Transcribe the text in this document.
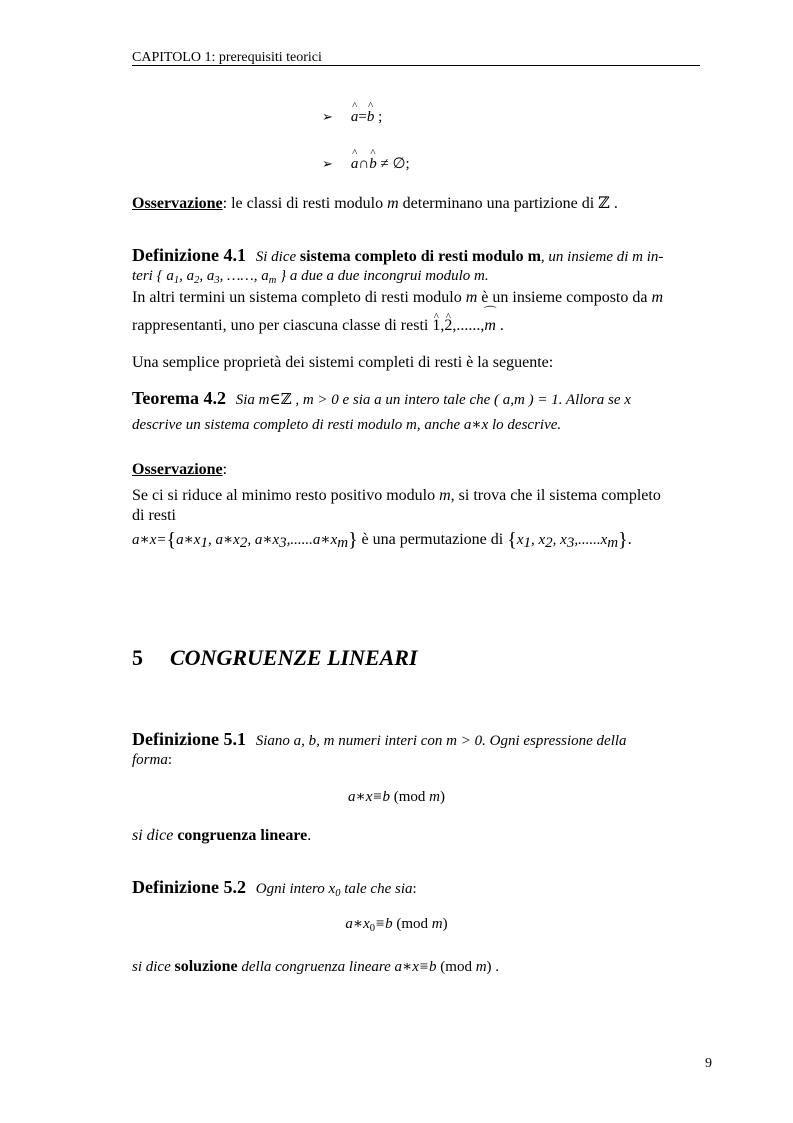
CAPITOLO 1: prerequisiti teorici
➢ ^ a=^ b ;
➢ ^ a∩^ b ≠ ∅;
Osservazione: le classi di resti modulo m determinano una partizione di ℤ .
Definizione 4.1 Si dice sistema completo di resti modulo m, un insieme di m in-
teri { $a_1$, $a_2$, $a_3$, ……, $a_m$ } a due a due incongrui modulo m.
In altri termini un sistema completo di resti modulo m è un insieme composto da m
rappresentanti, uno per ciascuna classe di resti ^ 1,^ 2,......,⌒ m .
Una semplice proprietà dei sistemi completi di resti è la seguente:
Teorema 4.2 Sia m∈ℤ , m > 0 e sia a un intero tale che ( a,m ) = 1. Allora se x
descrive un sistema completo di resti modulo m, anche a∗x lo descrive.
Osservazione:
Se ci si riduce al minimo resto positivo modulo m, si trova che il sistema completo
di resti
$a∗x=\{a∗x_1$, $a∗x_2$, $a∗x_3,......a∗x_m$} è una permutazione di {$x_1$, $x_2$, $x_3,......x_m$}.
5 CONGRUENZE LINEARI
Definizione 5.1 Siano a, b, m numeri interi con m > 0. Ogni espressione della
forma:
a∗x≡b (mod m)
si dice congruenza lineare.
Definizione 5.2 Ogni intero $x_0$ tale che sia:
$a∗x_0\equiv b$ (mod m)
si dice soluzione della congruenza lineare a∗x≡b (mod m) .
9
